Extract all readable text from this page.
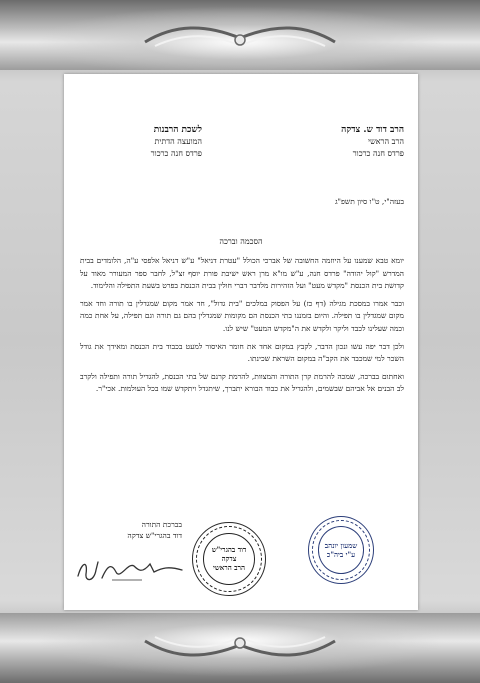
הרב דוד ש. צדקה
הרב הראשי
פרדס חנה כרכור
לשכת הרבנות
המועצה הדתית
פרדס חנה כרכור
בעזה"י, ט"ו סיון תשפ"ג
הסכמה וברכה

יומא טבא שמענו על היוזמה החשובה של אברכי הכולל "עטרת דניאל" ע"ש דניאל אלפסי ע"ה, הלומדים בבית המדרש "קול יהודה" פרדס חנה, ע"ש מו"א מרן ראש ישיבת פורת יוסף זצ"ל, לחבר ספר המעורר מאוד על קדושת בית הכנסת "מקדש מעט" ועל הזהירות מלדבר דברי חולין בבית הכנסת בפרט בשעת התפילה והלימוד.

וכבר אמרו במסכת מגילה (דף כז) על הפסוק במלכים "בית גדול", חד אמר מקום שמגדלין בו תורה וחד אמר מקום שמגדלין בו תפילה. והיום בזמננו בתי הכנסת הם מקומות שמגדלין בהם גם תורה וגם תפילה, על אחת כמה וכמה שעלינו לכבד וליקר ולקדש את ה"מקדש המעט" שיש לנו.

ולכן דבר יפה עשו ונכון הדבר, לקבץ במקום אחד את חומר האיסור למעט בכבוד בית הכנסת ומאידך את גודל השכר למי שמכבד את הקב"ה במקום השראת שכינתו.

ואחתום בברכה, שמכה להרמת קרן התורה והמצוות, להרמת קרנם של בתי הכנסת, להגדיל תורה ותפילה ולקרב לב הבנים אל אביהם שבשמים, ולהגדיל את כבוד הבורא יתברך, שיתגדל ויתקדש שמו בכל העולמות. אכי"ר.

בברכת התורה
דוד בהגרי"ש צדקה
דוד בהגרי"ש צדקה
הרב הראשי
שמעון יונהב
ע"י ביה"כ
